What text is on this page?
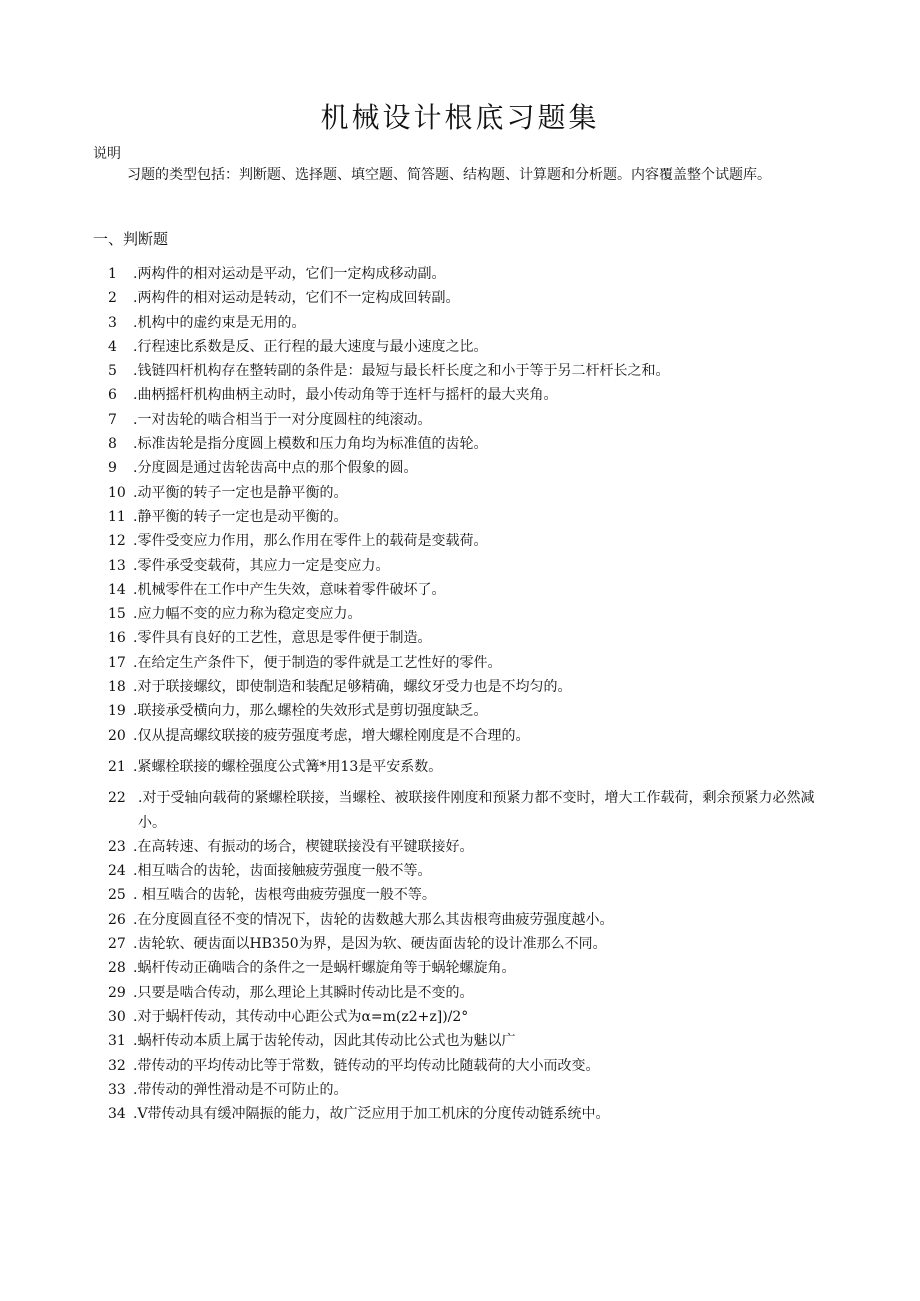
机械设计根底习题集
说明
习题的类型包括：判断题、选择题、填空题、简答题、结构题、计算题和分析题。内容覆盖整个试题库。
一、判断题
1	.两构件的相对运动是平动，它们一定构成移动副。
2	.两构件的相对运动是转动，它们不一定构成回转副。
3	.机构中的虚约束是无用的。
4	.行程速比系数是反、正行程的最大速度与最小速度之比。
5	.钱链四杆机构存在整转副的条件是：最短与最长杆长度之和小于等于另二杆杆长之和。
6	.曲柄摇杆机构曲柄主动时，最小传动角等于连杆与摇杆的最大夹角。
7	.一对齿轮的啮合相当于一对分度圆柱的纯滚动。
8	.标准齿轮是指分度圆上模数和压力角均为标准值的齿轮。
9	.分度圆是通过齿轮齿高中点的那个假象的圆。
10 .动平衡的转子一定也是静平衡的。
11 .静平衡的转子一定也是动平衡的。
12 .零件受变应力作用，那么作用在零件上的载荷是变载荷。
13 .零件承受变载荷，其应力一定是变应力。
14 .机械零件在工作中产生失效，意味着零件破坏了。
15 .应力幅不变的应力称为稳定变应力。
16 .零件具有良好的工艺性，意思是零件便于制造。
17 .在给定生产条件下，便于制造的零件就是工艺性好的零件。
18 .对于联接螺纹，即使制造和装配足够精确，螺纹牙受力也是不均匀的。
19 .联接承受横向力，那么螺栓的失效形式是剪切强度缺乏。
20 .仅从提高螺纹联接的疲劳强度考虑，增大螺栓刚度是不合理的。
21 .紧螺栓联接的螺栓强度公式篝*用13是平安系数。
22 .对于受轴向载荷的紧螺栓联接，当螺栓、被联接件刚度和预紧力都不变时，增大工作载荷，剩余预紧力必然减小。
23 .在高转速、有振动的场合，楔键联接没有平键联接好。
24 .相互啮合的齿轮，齿面接触疲劳强度一般不等。
25 . 相互啮合的齿轮，齿根弯曲疲劳强度一般不等。
26 .在分度圆直径不变的情况下，齿轮的齿数越大那么其齿根弯曲疲劳强度越小。
27 .齿轮软、硬齿面以HB350为界，是因为软、硬齿面齿轮的设计准那么不同。
28 .蜗杆传动正确啮合的条件之一是蜗杆螺旋角等于蜗轮螺旋角。
29 .只要是啮合传动，那么理论上其瞬时传动比是不变的。
30 .对于蜗杆传动，其传动中心距公式为α=m(z2+z])/2°
31 .蜗杆传动本质上属于齿轮传动，因此其传动比公式也为魅以广
32 .带传动的平均传动比等于常数，链传动的平均传动比随载荷的大小而改变。
33 .带传动的弹性滑动是不可防止的。
34 .V带传动具有缓冲隔振的能力，故广泛应用于加工机床的分度传动链系统中。
